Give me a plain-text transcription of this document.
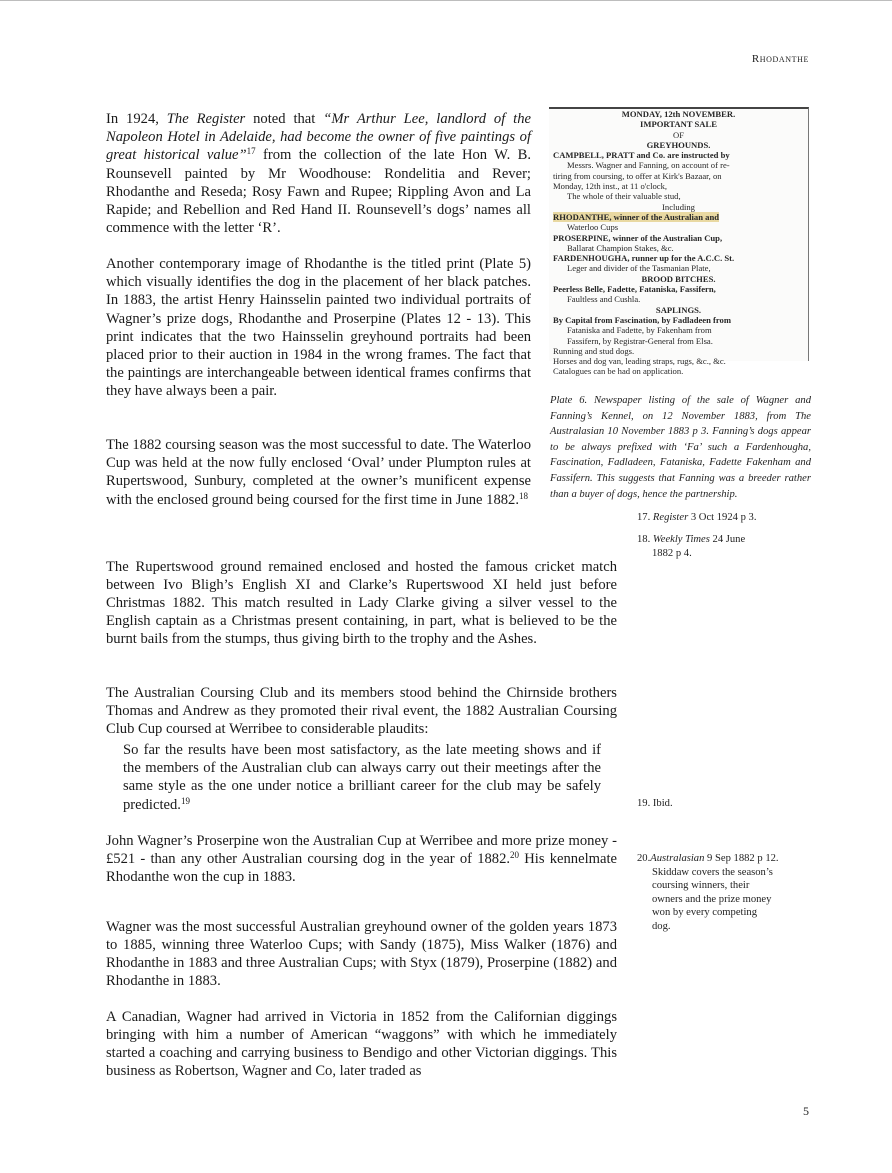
Rhodanthe

In 1924, The Register noted that “Mr Arthur Lee, landlord of the Napoleon Hotel in Adelaide, had become the owner of five paintings of great historical value”$^{17}$ from the collection of the late Hon W. B. Rounsevell painted by Mr Woodhouse: Rondelitia and Rever; Rhodanthe and Reseda; Rosy Fawn and Rupee; Rippling Avon and La Rapide; and Rebellion and Red Hand II. Rounsevell’s dogs’ names all commence with the letter ‘R’.

Another contemporary image of Rhodanthe is the titled print (Plate 5) which visually identifies the dog in the placement of her black patches. In 1883, the artist Henry Hainsselin painted two individual portraits of Wagner’s prize dogs, Rhodanthe and Proserpine (Plates 12 - 13). This print indicates that the two Hainsselin greyhound portraits had been placed prior to their auction in 1984 in the wrong frames. The fact that the paintings are interchangeable between identical frames confirms that they have always been a pair.

The 1882 coursing season was the most successful to date. The Waterloo Cup was held at the now fully enclosed ‘Oval’ under Plumpton rules at Rupertswood, Sunbury, completed at the owner’s munificent expense with the enclosed ground being coursed for the first time in June 1882.18

MONDAY, 12th NOVEMBER.
IMPORTANT SALE
OF
GREYHOUNDS.
CAMPBELL, PRATT and Co. are instructed by
Messrs. Wagner and Fanning, on account of re-
tiring from coursing, to offer at Kirk's Bazaar, on
Monday, 12th inst., at 11 o'clock,
The whole of their valuable stud,
Including
RHODANTHE, winner of the Australian and
Waterloo Cups
PROSERPINE, winner of the Australian Cup,
Ballarat Champion Stakes, &c.
FARDENHOUGHA, runner up for the A.C.C. St.
Leger and divider of the Tasmanian Plate,
BROOD BITCHES.
Peerless Belle, Fadette, Fataniska, Fassifern,
Faultless and Cushla.
SAPLINGS.
By Capital from Fascination, by Fadladeen from
Fataniska and Fadette, by Fakenham from
Fassifern, by Registrar-General from Elsa.
Running and stud dogs.
Horses and dog van, leading straps, rugs, &c., &c.
Catalogues can be had on application.
Plate 6. Newspaper listing of the sale of Wagner and Fanning’s Kennel, on 12 November 1883, from The Australasian 10 November 1883 p 3. Fanning’s dogs appear to be always prefixed with ‘Fa’ such a Fardenhougha, Fascination, Fadladeen, Fataniska, Fadette Fakenham and Fassifern. This suggests that Fanning was a breeder rather than a buyer of dogs, hence the partnership.
17. Register 3 Oct 1924 p 3.
18. Weekly Times 24 June
1882 p 4.
19. Ibid.
20.Australasian 9 Sep 1882 p 12.
Skiddaw covers the season’s
coursing winners, their
owners and the prize money
won by every competing
dog.

The Rupertswood ground remained enclosed and hosted the famous cricket match between Ivo Bligh’s English XI and Clarke’s Rupertswood XI held just before Christmas 1882. This match resulted in Lady Clarke giving a silver vessel to the English captain as a Christmas present containing, in part, what is believed to be the burnt bails from the stumps, thus giving birth to the trophy and the Ashes.

The Australian Coursing Club and its members stood behind the Chirnside brothers Thomas and Andrew as they promoted their rival event, the 1882 Australian Coursing Club Cup coursed at Werribee to considerable plaudits:

So far the results have been most satisfactory, as the late meeting shows and if the members of the Australian club can always carry out their meetings after the same style as the one under notice a brilliant career for the club may be safely predicted.$^{19}$
John Wagner’s Proserpine won the Australian Cup at Werribee and more prize money - £521 - than any other Australian coursing dog in the year of 1882.20 His kennelmate Rhodanthe won the cup in 1883.

Wagner was the most successful Australian greyhound owner of the golden years 1873 to 1885, winning three Waterloo Cups; with Sandy (1875), Miss Walker (1876) and Rhodanthe in 1883 and three Australian Cups; with Styx (1879), Proserpine (1882) and Rhodanthe in 1883.

A Canadian, Wagner had arrived in Victoria in 1852 from the Californian diggings bringing with him a number of American “waggons” with which he immediately started a coaching and carrying business to Bendigo and other Victorian diggings. This business as Robertson, Wagner and Co, later traded as

5
